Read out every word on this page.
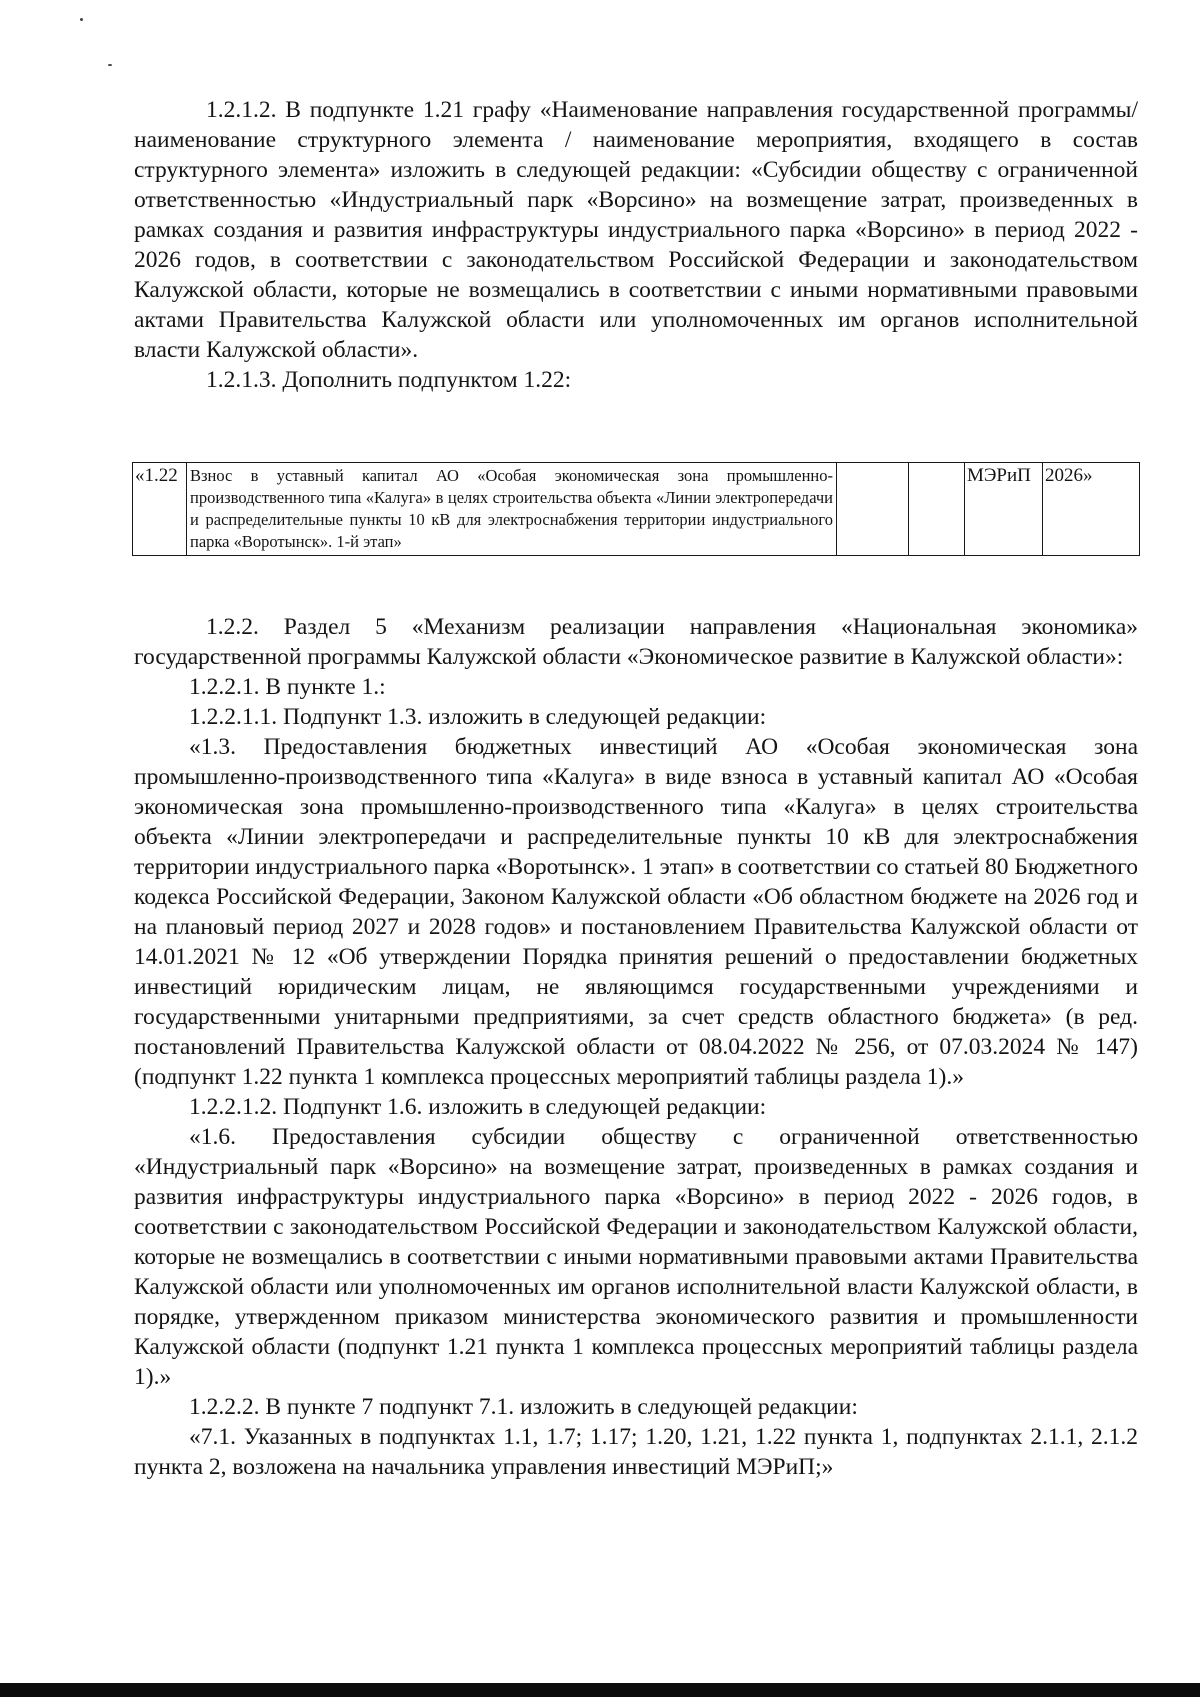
1.2.1.2. В подпункте 1.21 графу «Наименование направления государственной программы/ наименование структурного элемента / наименование мероприятия, входящего в состав структурного элемента» изложить в следующей редакции: «Субсидии обществу с ограниченной ответственностью «Индустриальный парк «Ворсино» на возмещение затрат, произведенных в рамках создания и развития инфраструктуры индустриального парка «Ворсино» в период 2022 - 2026 годов, в соответствии с законодательством Российской Федерации и законодательством Калужской области, которые не возмещались в соответствии с иными нормативными правовыми актами Правительства Калужской области или уполномоченных им органов исполнительной власти Калужской области».

1.2.1.3. Дополнить подпунктом 1.22:

«1.22	Взнос в уставный капитал АО «Особая экономическая зона промышленно-производственного типа «Калуга» в целях строительства объекта «Линии электропередачи и распределительные пункты 10 кВ для электроснабжения территории индустриального парка «Воротынск». 1-й этап»			МЭРиП	2026»

1.2.2. Раздел 5 «Механизм реализации направления «Национальная экономика» государственной программы Калужской области «Экономическое развитие в Калужской области»:

1.2.2.1. В пункте 1.:

1.2.2.1.1. Подпункт 1.3. изложить в следующей редакции:

«1.3. Предоставления бюджетных инвестиций АО «Особая экономическая зона промышленно-производственного типа «Калуга» в виде взноса в уставный капитал АО «Особая экономическая зона промышленно-производственного типа «Калуга» в целях строительства объекта «Линии электропередачи и распределительные пункты 10 кВ для электроснабжения территории индустриального парка «Воротынск». 1 этап» в соответствии со статьей 80 Бюджетного кодекса Российской Федерации, Законом Калужской области «Об областном бюджете на 2026 год и на плановый период 2027 и 2028 годов» и постановлением Правительства Калужской области от 14.01.2021 № 12 «Об утверждении Порядка принятия решений о предоставлении бюджетных инвестиций юридическим лицам, не являющимся государственными учреждениями и государственными унитарными предприятиями, за счет средств областного бюджета» (в ред. постановлений Правительства Калужской области от 08.04.2022 № 256, от 07.03.2024 № 147) (подпункт 1.22 пункта 1 комплекса процессных мероприятий таблицы раздела 1).»

1.2.2.1.2. Подпункт 1.6. изложить в следующей редакции:

«1.6. Предоставления субсидии обществу с ограниченной ответственностью «Индустриальный парк «Ворсино» на возмещение затрат, произведенных в рамках создания и развития инфраструктуры индустриального парка «Ворсино» в период 2022 - 2026 годов, в соответствии с законодательством Российской Федерации и законодательством Калужской области, которые не возмещались в соответствии с иными нормативными правовыми актами Правительства Калужской области или уполномоченных им органов исполнительной власти Калужской области, в порядке, утвержденном приказом министерства экономического развития и промышленности Калужской области (подпункт 1.21 пункта 1 комплекса процессных мероприятий таблицы раздела 1).»

1.2.2.2. В пункте 7 подпункт 7.1. изложить в следующей редакции:

«7.1. Указанных в подпунктах 1.1, 1.7; 1.17; 1.20, 1.21, 1.22 пункта 1, подпунктах 2.1.1, 2.1.2 пункта 2, возложена на начальника управления инвестиций МЭРиП;»
